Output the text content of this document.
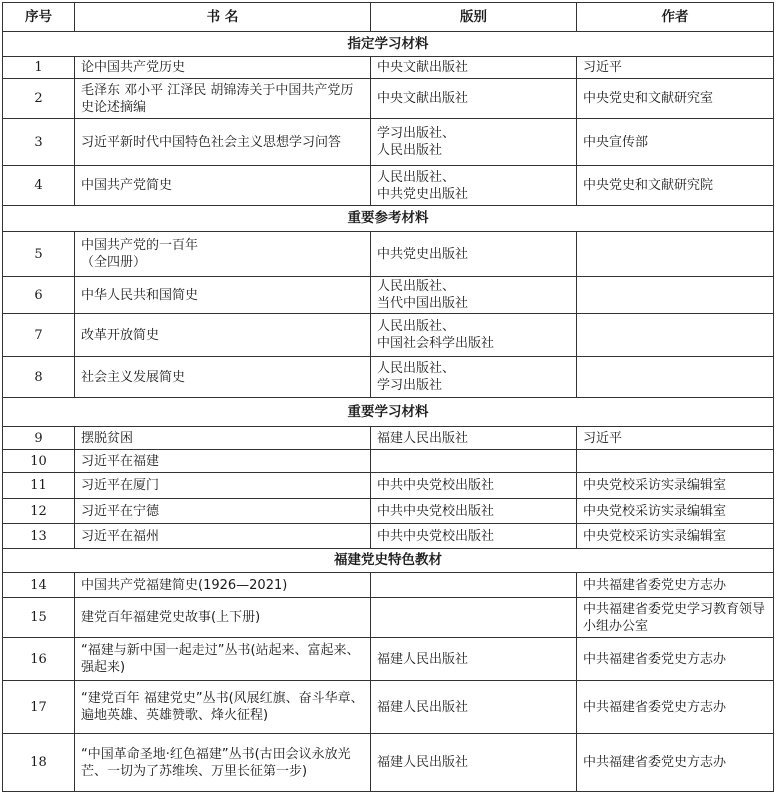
序号	书 名	版别	作者
指定学习材料			
1	论中国共产党历史	中央文献出版社	习近平
2	毛泽东 邓小平 江泽民 胡锦涛关于中国共产党历史论述摘编	中央文献出版社	中央党史和文献研究室
3	习近平新时代中国特色社会主义思想学习问答	学习出版社、
人民出版社	中央宣传部
4	中国共产党简史	人民出版社、
中共党史出版社	中央党史和文献研究院
重要参考材料			
5	中国共产党的一百年
（全四册）	中共党史出版社	
6	中华人民共和国简史	人民出版社、
当代中国出版社	
7	改革开放简史	人民出版社、
中国社会科学出版社	
8	社会主义发展简史	人民出版社、
学习出版社	
重要学习材料			
9	摆脱贫困	福建人民出版社	习近平
10	习近平在福建		
11	习近平在厦门	中共中央党校出版社	中央党校采访实录编辑室
12	习近平在宁德	中共中央党校出版社	中央党校采访实录编辑室
13	习近平在福州	中共中央党校出版社	中央党校采访实录编辑室
福建党史特色教材			
14	中国共产党福建简史(1926—2021)		中共福建省委党史方志办
15	建党百年福建党史故事(上下册)		中共福建省委党史学习教育领导小组办公室
16	“福建与新中国一起走过”丛书(站起来、富起来、强起来)	福建人民出版社	中共福建省委党史方志办
17	“建党百年 福建党史”丛书(风展红旗、奋斗华章、遍地英雄、英雄赞歌、烽火征程)	福建人民出版社	中共福建省委党史方志办
18	“中国革命圣地·红色福建”丛书(古田会议永放光芒、一切为了苏维埃、万里长征第一步)	福建人民出版社	中共福建省委党史方志办
